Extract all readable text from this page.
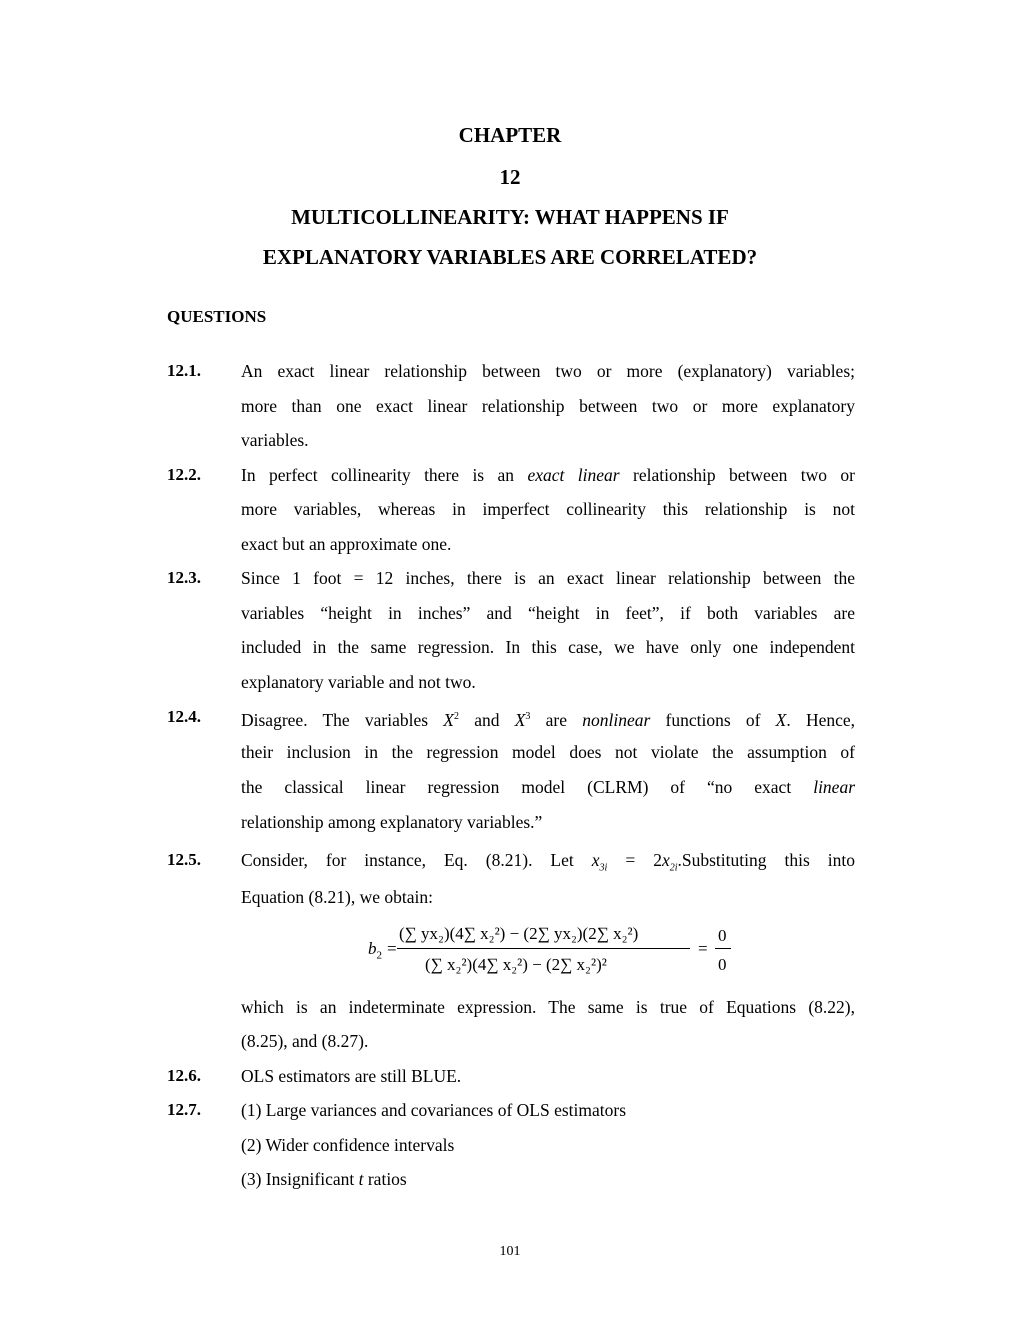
CHAPTER
12
MULTICOLLINEARITY: WHAT HAPPENS IF
EXPLANATORY VARIABLES ARE CORRELATED?
QUESTIONS
12.1. An exact linear relationship between two or more (explanatory) variables;
more than one exact linear relationship between two or more explanatory
variables.
12.2. In perfect collinearity there is an exact linear relationship between two or
more variables, whereas in imperfect collinearity this relationship is not
exact but an approximate one.
12.3. Since 1 foot = 12 inches, there is an exact linear relationship between the
variables “height in inches” and “height in feet”, if both variables are
included in the same regression. In this case, we have only one independent
explanatory variable and not two.
12.4. Disagree. The variables $X^2$ and $X^3$ are nonlinear functions of X. Hence,
their inclusion in the regression model does not violate the assumption of
the classical linear regression model (CLRM) of “no exact linear
relationship among explanatory variables.”
12.5. Consider, for instance, Eq. (8.21). Let $x_{3i}$ = $2x_{2i}.Substituting$ this into
Equation (8.21), we obtain:
$b_2$ =
(∑ yx₂)(4∑ x₂²) − (2∑ yx₂)(2∑ x₂²)
(∑ x₂²)(4∑ x₂²) − (2∑ x₂²)²
=
0
0
which is an indeterminate expression. The same is true of Equations (8.22),
(8.25), and (8.27).
12.6. OLS estimators are still BLUE.
12.7. (1) Large variances and covariances of OLS estimators
(2) Wider confidence intervals
(3) Insignificant t ratios
101
